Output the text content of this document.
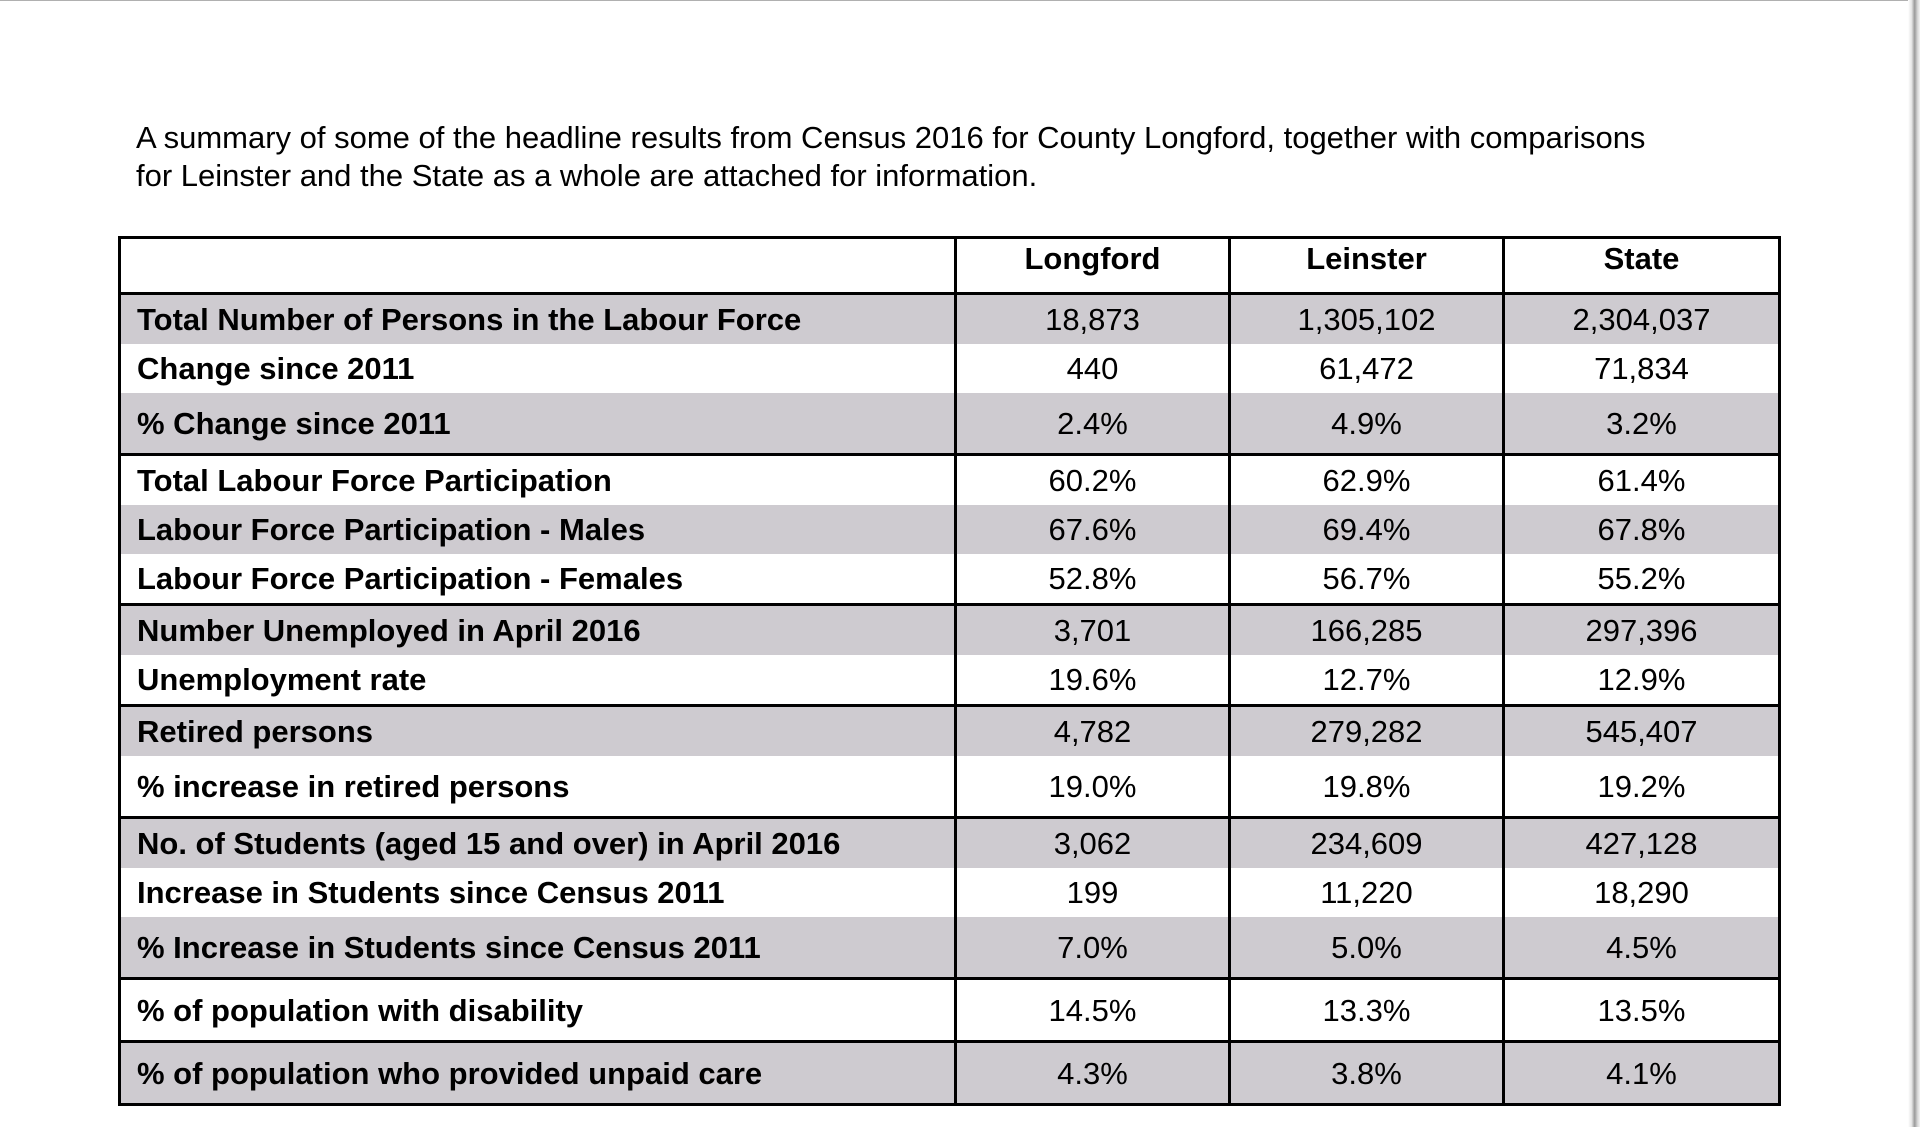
A summary of some of the headline results from Census 2016 for County Longford, together with comparisons
for Leinster and the State as a whole are attached for information.

	Longford	Leinster	State
Total Number of Persons in the Labour Force	18,873	1,305,102	2,304,037
Change since 2011	440	61,472	71,834
% Change since 2011	2.4%	4.9%	3.2%
Total Labour Force Participation	60.2%	62.9%	61.4%
Labour Force Participation - Males	67.6%	69.4%	67.8%
Labour Force Participation - Females	52.8%	56.7%	55.2%
Number Unemployed in April 2016	3,701	166,285	297,396
Unemployment rate	19.6%	12.7%	12.9%
Retired persons	4,782	279,282	545,407
% increase in retired persons	19.0%	19.8%	19.2%
No. of Students (aged 15 and over) in April 2016	3,062	234,609	427,128
Increase in Students since Census 2011	199	11,220	18,290
% Increase in Students since Census 2011	7.0%	5.0%	4.5%
% of population with disability	14.5%	13.3%	13.5%
% of population who provided unpaid care	4.3%	3.8%	4.1%
